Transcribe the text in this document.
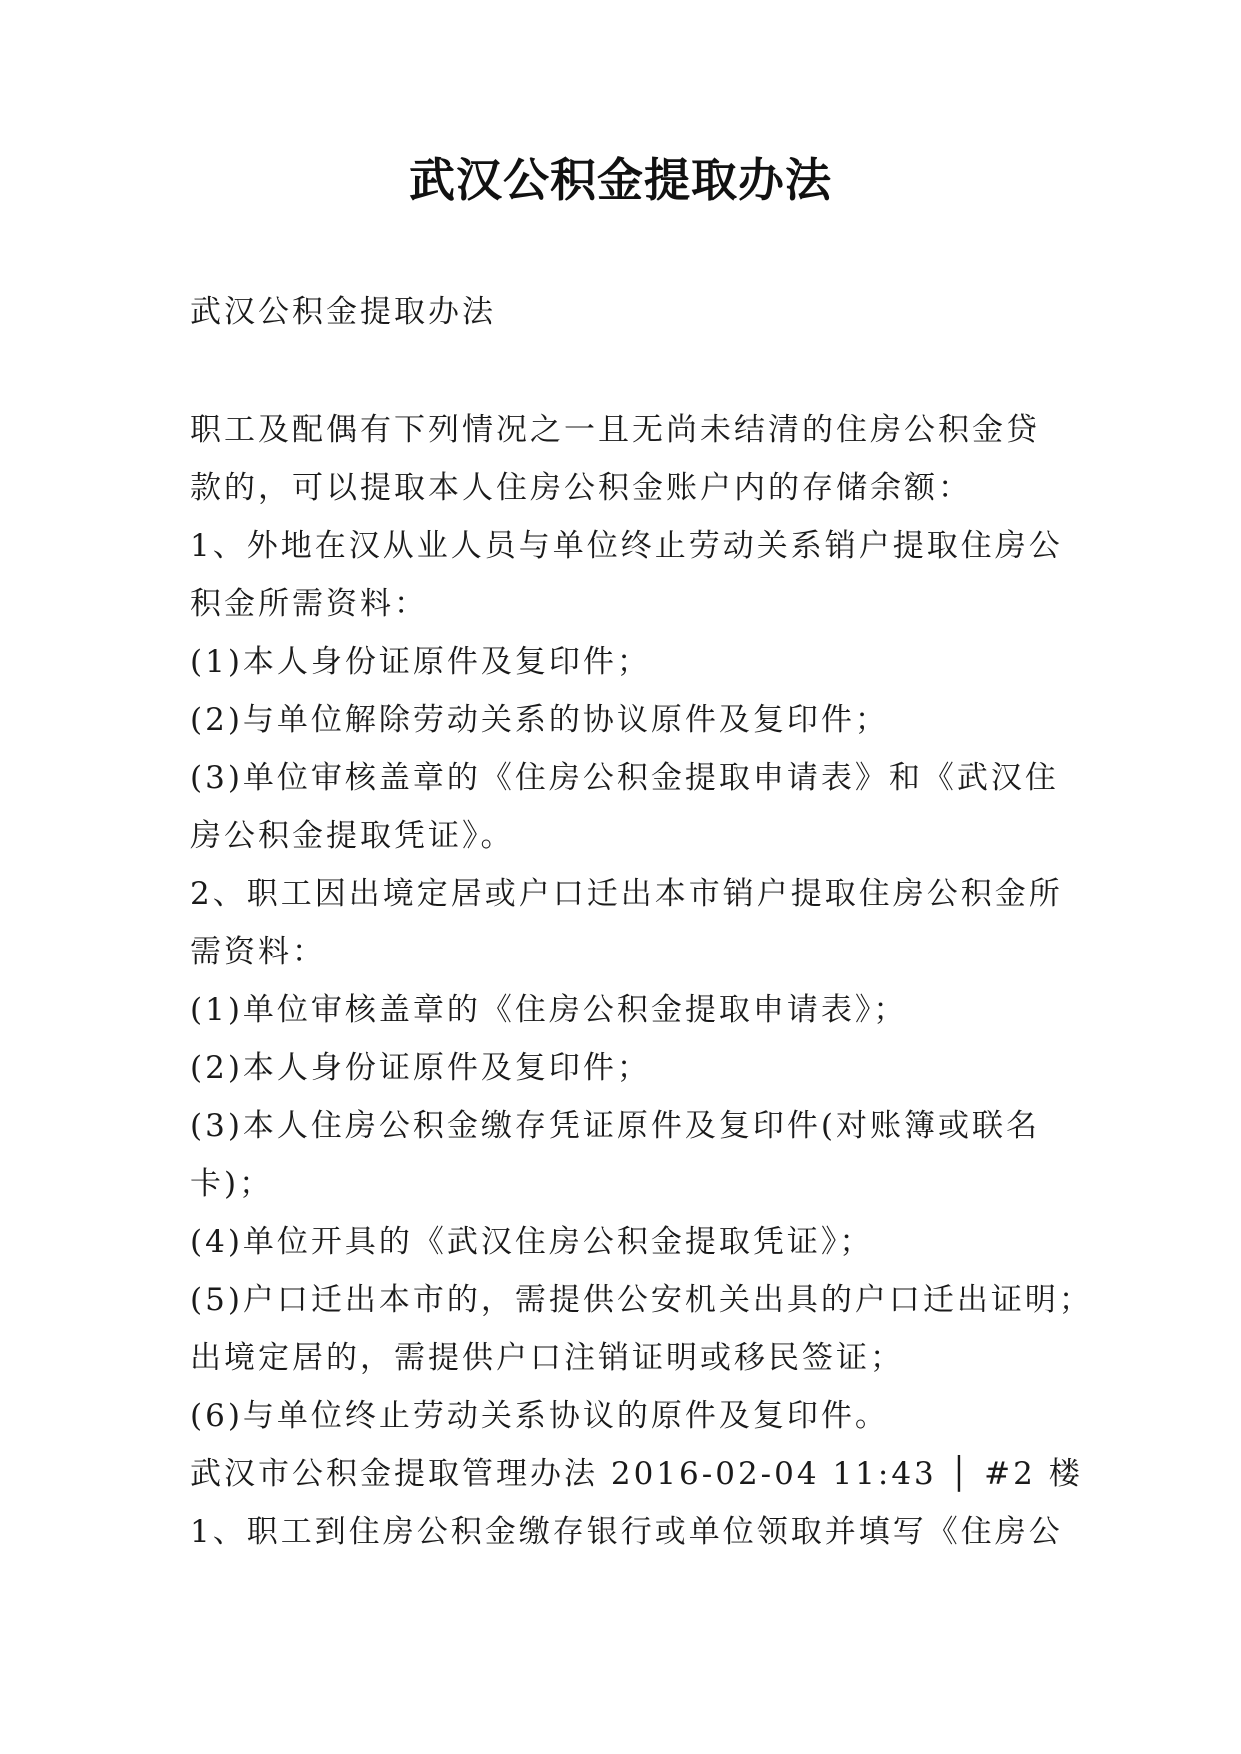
武汉公积金提取办法
武汉公积金提取办法
职工及配偶有下列情况之一且无尚未结清的住房公积金贷
款的，可以提取本人住房公积金账户内的存储余额：
1、外地在汉从业人员与单位终止劳动关系销户提取住房公
积金所需资料：
(1)本人身份证原件及复印件；
(2)与单位解除劳动关系的协议原件及复印件；
(3)单位审核盖章的《住房公积金提取申请表》和《武汉住
房公积金提取凭证》。
2、职工因出境定居或户口迁出本市销户提取住房公积金所
需资料：
(1)单位审核盖章的《住房公积金提取申请表》；
(2)本人身份证原件及复印件；
(3)本人住房公积金缴存凭证原件及复印件(对账簿或联名
卡)；
(4)单位开具的《武汉住房公积金提取凭证》；
(5)户口迁出本市的，需提供公安机关出具的户口迁出证明；
出境定居的，需提供户口注销证明或移民签证；
(6)与单位终止劳动关系协议的原件及复印件。
武汉市公积金提取管理办法 2016-02-04 11:43 │ #2 楼
1、职工到住房公积金缴存银行或单位领取并填写《住房公
